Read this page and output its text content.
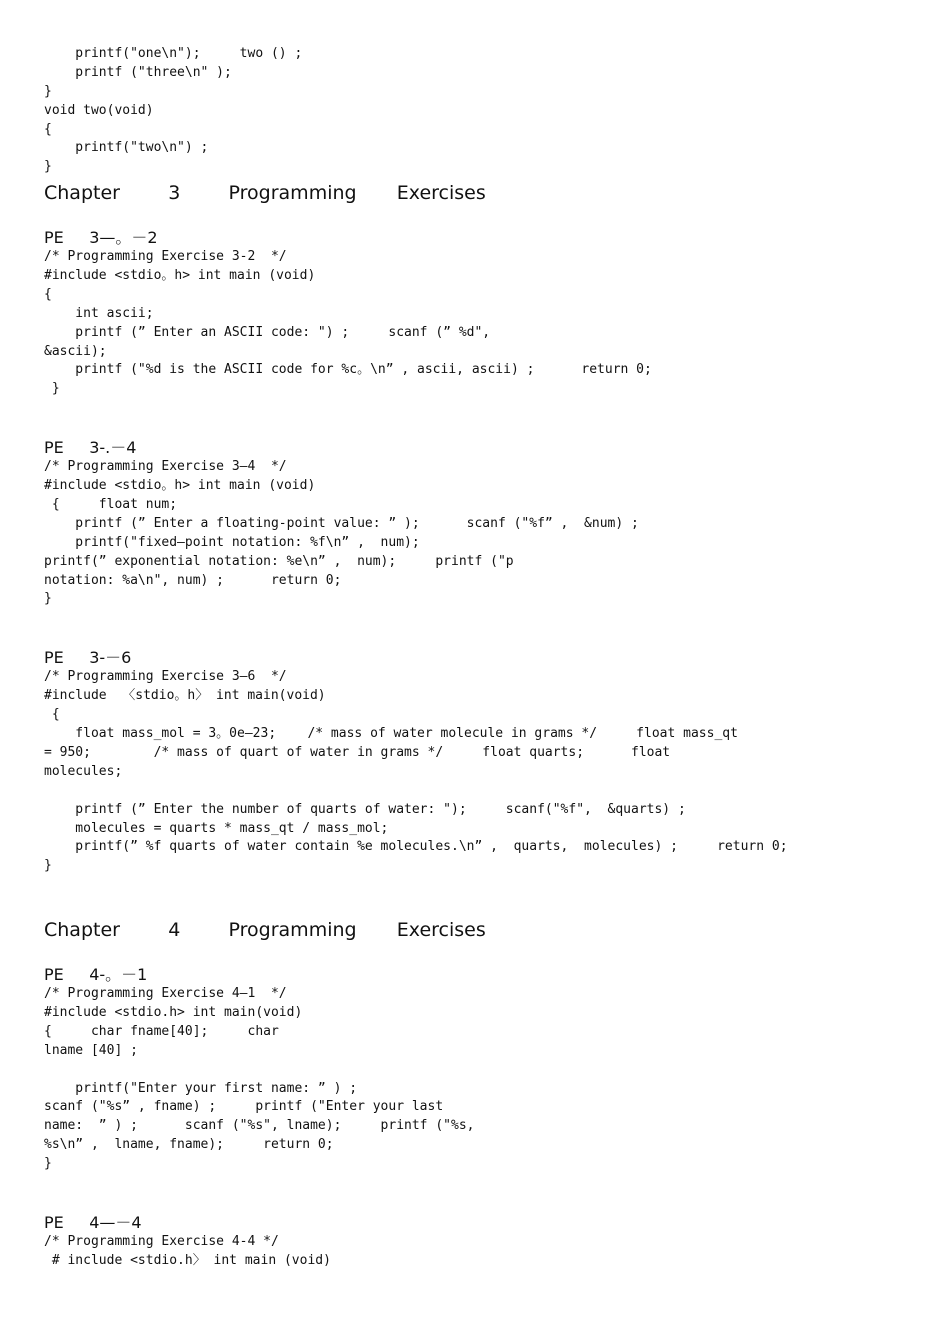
printf("one\n");     two () ;
printf ("three\n" );
}
void two(void)
{
printf("two\n") ;
}
Chapter      3      Programming     Exercises
PE     3—。－2
/* Programming Exercise 3-2  */
#include <stdio。h> int main (void)
{
int ascii;
printf (” Enter an ASCII code: ") ;     scanf (” %d",
&ascii);
printf ("%d is the ASCII code for %c。\n” , ascii, ascii) ;      return 0;
}
PE     3-.－4
/* Programming Exercise 3—4  */
#include <stdio。h> int main (void)
{     float num;
printf (” Enter a floating-point value: ” );      scanf ("%f” ,  &num) ;
printf("fixed—point notation: %f\n” ,  num);
printf(” exponential notation: %e\n” ,  num);     printf ("p
notation: %a\n", num) ;      return 0;
}
PE     3-－6
/* Programming Exercise 3—6  */
#include  〈stdio。h〉 int main(void)
{
float mass_mol = 3。0e—23;    /* mass of water molecule in grams */     float mass_qt
= 950;        /* mass of quart of water in grams */     float quarts;      float
molecules;
printf (” Enter the number of quarts of water: ");     scanf("%f",  &quarts) ;
molecules = quarts * mass_qt / mass_mol;
printf(” %f quarts of water contain %e molecules.\n” ,  quarts,  molecules) ;     return 0;
}
Chapter      4      Programming     Exercises
PE     4-。－1
/* Programming Exercise 4—1  */
#include <stdio.h> int main(void)
{     char fname[40];     char
lname [40] ;
printf("Enter your first name: ” ) ;
scanf ("%s” , fname) ;     printf ("Enter your last
name:  ” ) ;      scanf ("%s", lname);     printf ("%s,
%s\n” ,  lname, fname);     return 0;
}
PE     4—－4
/* Programming Exercise 4-4 */
# include <stdio.h〉 int main (void)
